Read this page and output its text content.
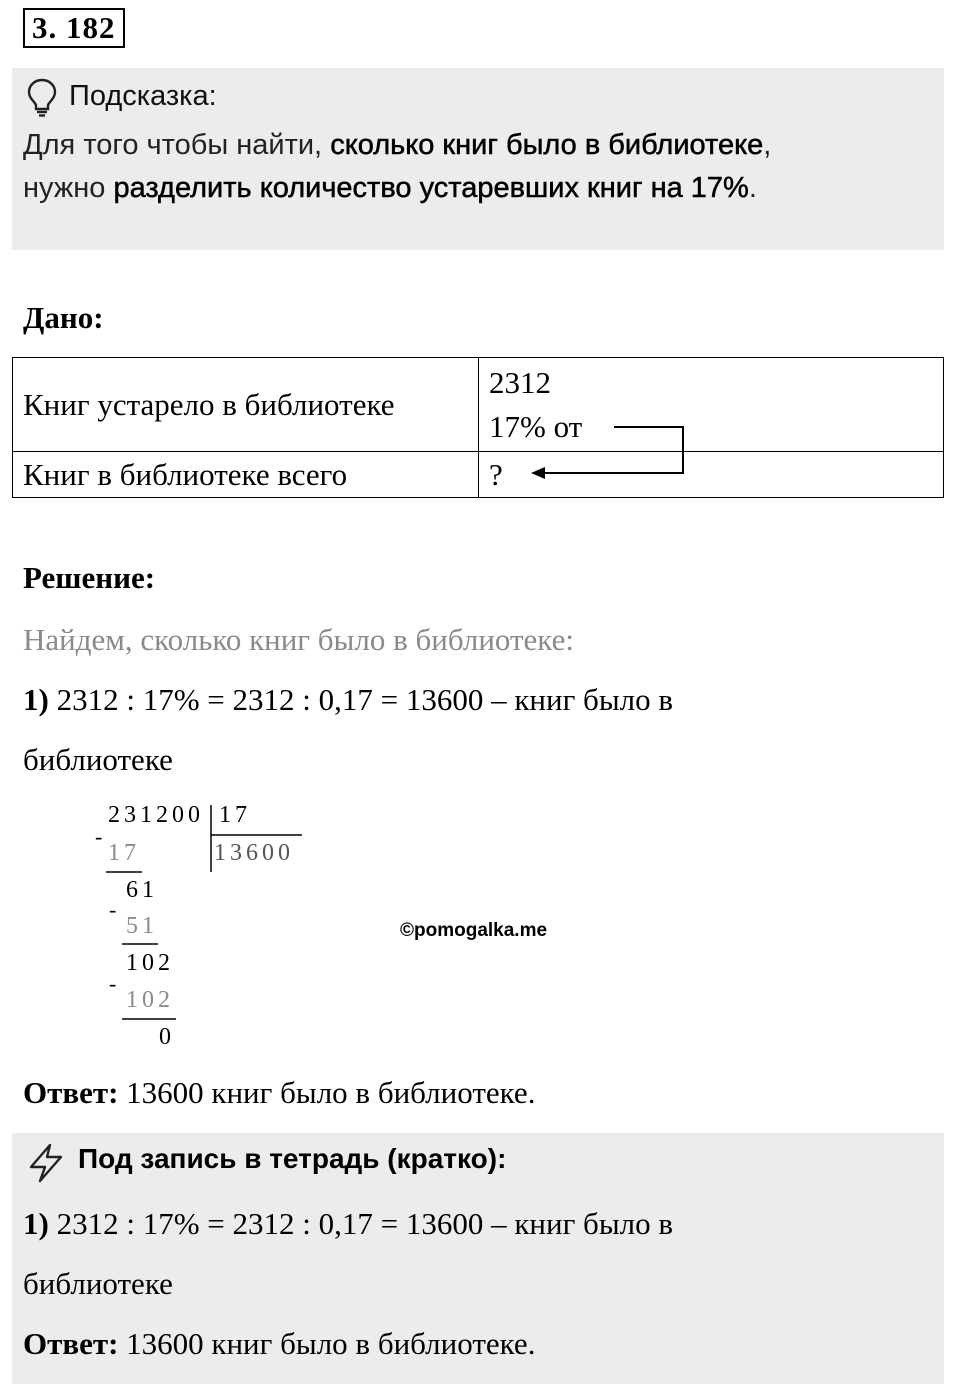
3. 182
Подсказка:
Для того чтобы найти, сколько книг было в библиотеке,
нужно разделить количество устаревших книг на 17%.
Дано:
Книг устарело в библиотеке	2312
17% от

Книг в библиотеке всего	?
Решение:
Найдем, сколько книг было в библиотеке:
1) 2312 : 17% = 2312 : 0,17 = 13600 – книг было в
библиотеке
231200 17
13600
17
61
51
102
102
0
-
-
-
©pomogalka.me
Ответ: 13600 книг было в библиотеке.
Под запись в тетрадь (кратко):
1) 2312 : 17% = 2312 : 0,17 = 13600 – книг было в
библиотеке
Ответ: 13600 книг было в библиотеке.
